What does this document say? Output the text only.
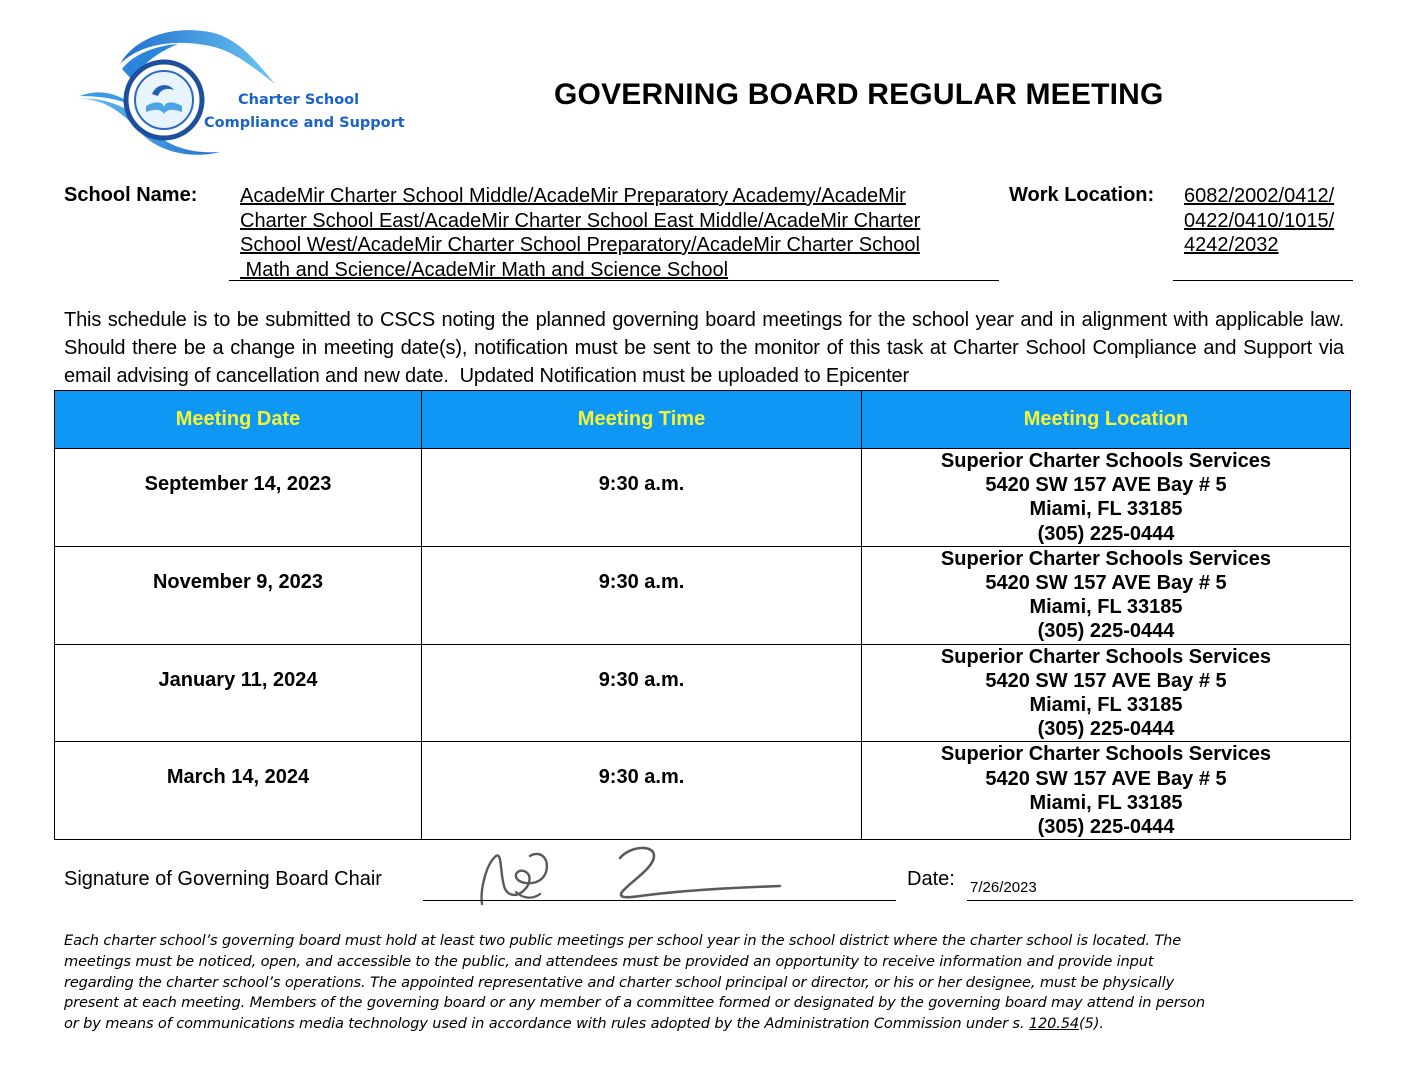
Charter School
Compliance and Support
GOVERNING BOARD REGULAR MEETING
School Name: AcadeMir Charter School Middle/AcadeMir Preparatory Academy/AcadeMir
Charter School East/AcadeMir Charter School East Middle/AcadeMir Charter
School West/AcadeMir Charter School Preparatory/AcadeMir Charter School
Math and Science/AcadeMir Math and Science School
Work Location: 6082/2002/0412/
0422/0410/1015/
4242/2032
This schedule is to be submitted to CSCS noting the planned governing board meetings for the school year and in alignment with applicable law. Should there be a change in meeting date(s), notification must be sent to the monitor of this task at Charter School Compliance and Support via email advising of cancellation and new date.  Updated Notification must be uploaded to Epicenter
Meeting Date	Meeting Time	Meeting Location
September 14, 2023	9:30 a.m.	Superior Charter Schools Services
5420 SW 157 AVE Bay # 5
Miami, FL 33185
(305) 225-0444

November 9, 2023	9:30 a.m.	Superior Charter Schools Services
5420 SW 157 AVE Bay # 5
Miami, FL 33185
(305) 225-0444

January 11, 2024	9:30 a.m.	Superior Charter Schools Services
5420 SW 157 AVE Bay # 5
Miami, FL 33185
(305) 225-0444

March 14, 2024	9:30 a.m.	Superior Charter Schools Services
5420 SW 157 AVE Bay # 5
Miami, FL 33185
(305) 225-0444
Signature of Governing Board Chair	Date: 7/26/2023
Each charter school’s governing board must hold at least two public meetings per school year in the school district where the charter school is located. The
meetings must be noticed, open, and accessible to the public, and attendees must be provided an opportunity to receive information and provide input
regarding the charter school’s operations. The appointed representative and charter school principal or director, or his or her designee, must be physically
present at each meeting. Members of the governing board or any member of a committee formed or designated by the governing board may attend in person
or by means of communications media technology used in accordance with rules adopted by the Administration Commission under s. 120.54(5).
